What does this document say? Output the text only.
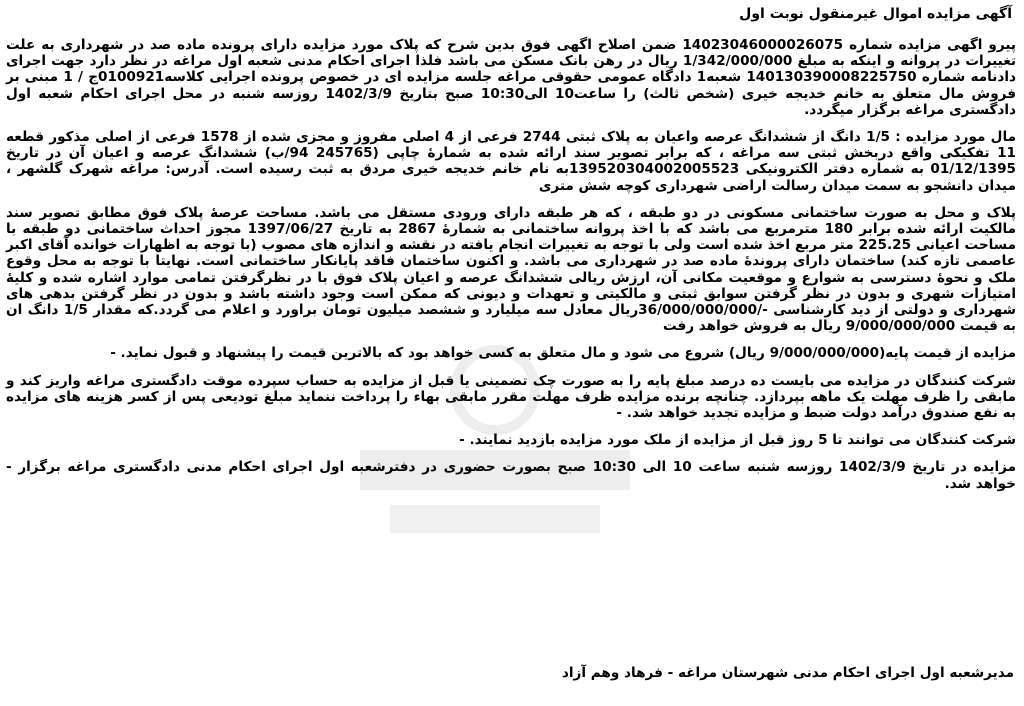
آگهی مزایده اموال غیرمنقول نوبت اول

پیرو اگهی مزایده شماره 14023046000026075 ضمن اصلاح اگهی فوق بدین شرح که پلاک مورد مزایده دارای پرونده ماده صد در شهرداری به علت تغییرات در پروانه و اینکه به مبلغ 1/342/000/000 ریال در رهن بانک مسکن می باشد فلذا اجرای احکام مدنی شعبه اول مراغه در نظر دارد جهت اجرای دادنامه شماره 140130390008225750 شعبه1 دادگاه عمومی حقوقی مراغه جلسه مزایده ای در خصوص پرونده اجرایی کلاسه0100921ج / 1 مبنی بر فروش مال متعلق به خانم خدیجه خیری (شخص ثالث) را ساعت10 الی10:30 صبح بتاریخ 1402/3/9 روزسه شنبه در محل اجرای احکام شعبه اول دادگستری مراغه برگزار میگردد.

مال مورد مزایده : 1/5 دانگ از ششدانگ عرصه واعیان به پلاک ثبتی 2744 فرعی از 4 اصلی مفروز و مجزی شده از 1578 فرعی از اصلی مذکور قطعه 11 تفکیکی واقع دربخش ثبتی سه مراغه ، که برابر تصویر سند ارائه شده به شمارهٔ چاپی (245765 94/ب) ششدانگ عرصه و اعیان آن در تاریخ 01/12/1395 به شماره دفتر الکترونیکی 139520304002005523به نام خانم خدیجه خیری مردق به ثبت رسیده است. آدرس: مراغه شهرک گلشهر ، میدان دانشجو به سمت میدان رسالت اراضی شهرداری کوچه شش متری

پلاک و محل به صورت ساختمانی مسکونی در دو طبقه ، که هر طبقه دارای ورودی مستقل می باشد. مساحت عرصهٔ پلاک فوق مطابق تصویر سند مالکیت ارائه شده برابر 180 مترمربع می باشد که با اخذ پروانه ساختمانی به شمارهٔ 2867 به تاریخ 1397/06/27 مجوز احداث ساختمانی دو طبقه با مساحت اعیانی 225.25 متر مربع اخذ شده است ولی با توجه به تغییرات انجام یافته در نقشه و اندازه های مصوب (با توجه به اظهارات خوانده آقای اکبر عاصمی تازه کند) ساختمان دارای پروندهٔ ماده صد در شهرداری می باشد. و اکنون ساختمان فاقد پایانکار ساختمانی است. نهایتا با توجه به محل وقوع ملک و نحوهٔ دسترسی به شوارع و موقعیت مکانی آن، ارزش ریالی ششدانگ عرصه و اعیان پلاک فوق با در نظرگرفتن تمامی موارد اشاره شده و کلیهٔ امتیازات شهری و بدون در نظر گرفتن سوابق ثبتی و مالکیتی و تعهدات و دیونی که ممکن است وجود داشته باشد و بدون در نظر گرفتن بدهی های شهرداری و دولتی از دید کارشناسی -/36/000/000/000ریال معادل سه میلیارد و ششصد میلیون تومان براورد و اعلام می گردد.که مقدار 1/5 دانگ ان به قیمت 9/000/000/000 ریال به فروش خواهد رفت

مزایده از قیمت پایه(9/000/000/000 ریال) شروع می شود و مال متعلق به کسی خواهد بود که بالاترین قیمت را پیشنهاد و قبول نماید. -

شرکت کنندگان در مزایده می بایست ده درصد مبلغ پایه را به صورت چک تضمینی یا قبل از مزایده به حساب سپرده موقت دادگستری مراغه واریز کند و مابقی را ظرف مهلت یک ماهه بپردازد. چنانچه برنده مزایده ظرف مهلت مقرر مابقی بهاء را پرداخت ننماید مبلغ تودیعی پس از کسر هزینه های مزایده به نفع صندوق درآمد دولت ضبط و مزایده تجدید خواهد شد. -

شرکت کنندگان می توانند تا 5 روز قبل از مزایده از ملک مورد مزایده بازدید نمایند. -

مزایده در تاریخ 1402/3/9 روزسه شنبه ساعت 10 الی 10:30 صبح بصورت حضوری در دفترشعبه اول اجرای احکام مدنی دادگستری مراغه برگزار - خواهد شد.

مدیرشعبه اول اجرای احکام مدنی شهرستان مراغه - فرهاد وهم آزاد
